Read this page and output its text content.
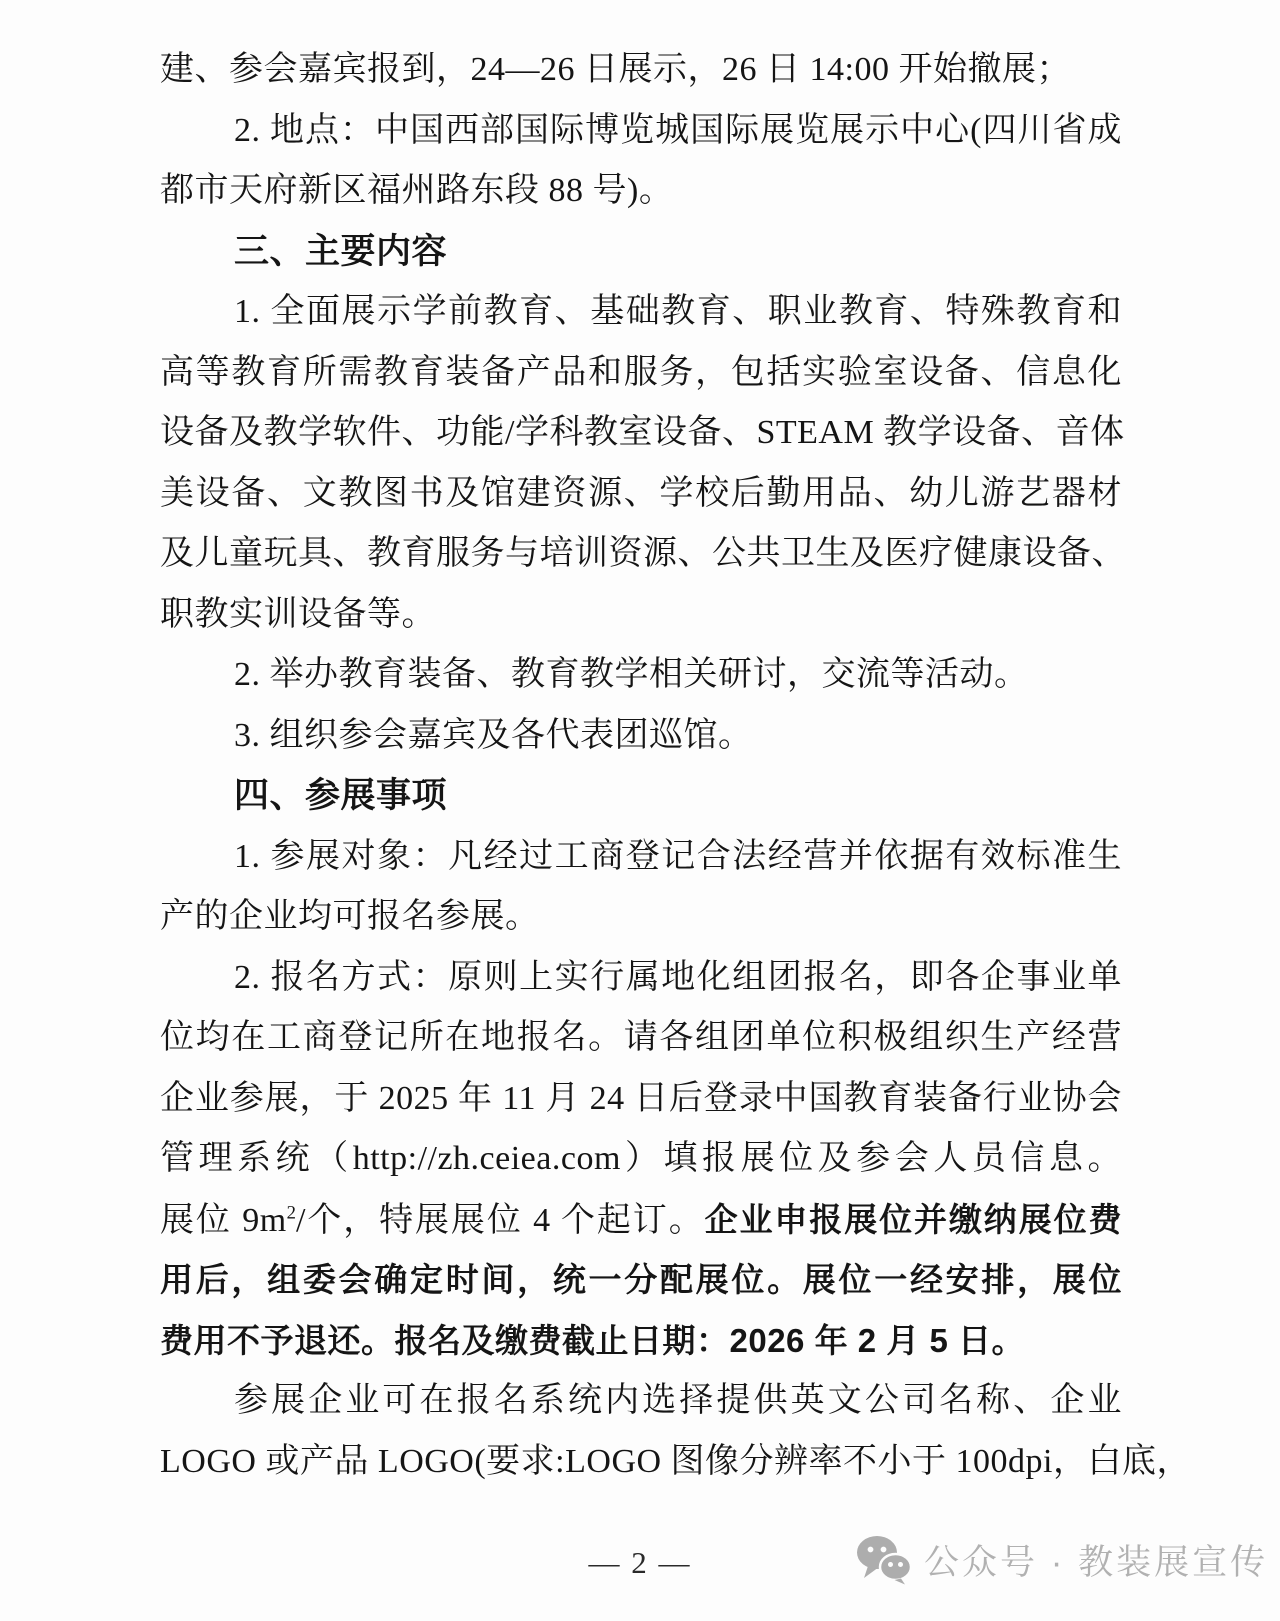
建、参会嘉宾报到，24—26 日展示，26 日 14:00 开始撤展；
2. 地点：中国西部国际博览城国际展览展示中心(四川省成
都市天府新区福州路东段 88 号)。
三、主要内容
1. 全面展示学前教育、基础教育、职业教育、特殊教育和
高等教育所需教育装备产品和服务，包括实验室设备、信息化
设备及教学软件、功能/学科教室设备、STEAM 教学设备、音体
美设备、文教图书及馆建资源、学校后勤用品、幼儿游艺器材
及儿童玩具、教育服务与培训资源、公共卫生及医疗健康设备、
职教实训设备等。
2. 举办教育装备、教育教学相关研讨，交流等活动。
3. 组织参会嘉宾及各代表团巡馆。
四、参展事项
1. 参展对象：凡经过工商登记合法经营并依据有效标准生
产的企业均可报名参展。
2. 报名方式：原则上实行属地化组团报名，即各企事业单
位均在工商登记所在地报名。请各组团单位积极组织生产经营
企业参展，于 2025 年 11 月 24 日后登录中国教育装备行业协会
管理系统（http://zh.ceiea.com）填报展位及参会人员信息。
展位 $9m^2/$个，特展展位 4 个起订。企业申报展位并缴纳展位费
用后，组委会确定时间，统一分配展位。展位一经安排，展位
费用不予退还。报名及缴费截止日期：2026 年 2 月 5 日。
参展企业可在报名系统内选择提供英文公司名称、企业
LOGO 或产品 LOGO(要求:LOGO 图像分辨率不小于 100dpi，白底，
— 2 —	公众号 · 教装展宣传
